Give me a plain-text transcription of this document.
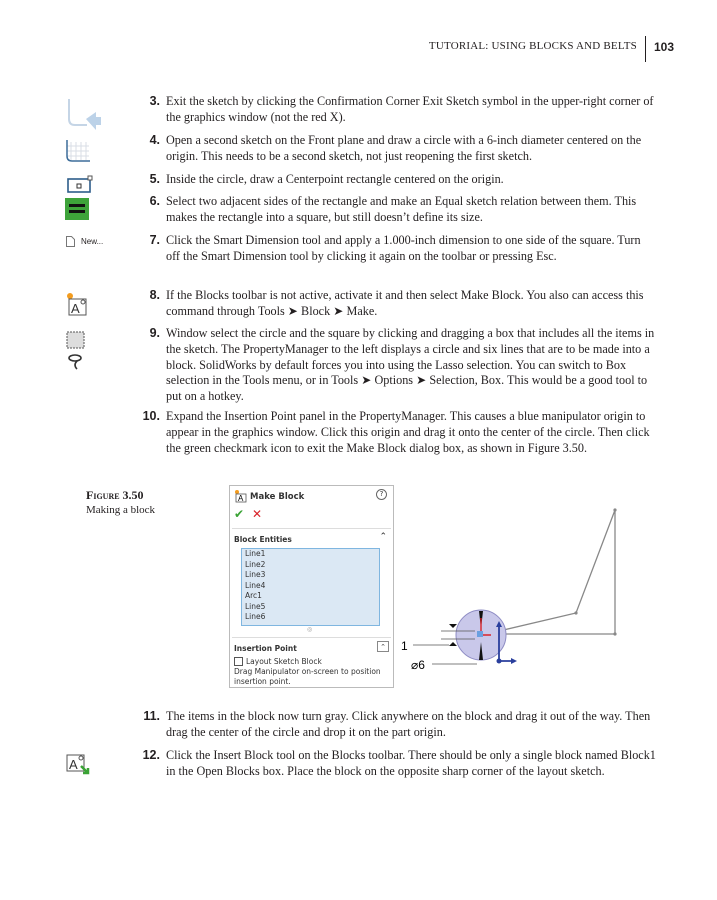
TUTORIAL: USING BLOCKS AND BELTS 103
New...
A
A
3. Exit the sketch by clicking the Confirmation Corner Exit Sketch symbol in the upper-right corner of the graphics window (not the red X).
4. Open a second sketch on the Front plane and draw a circle with a 6-inch diameter centered on the origin. This needs to be a second sketch, not just reopening the first sketch.
5. Inside the circle, draw a Centerpoint rectangle centered on the origin.
6. Select two adjacent sides of the rectangle and make an Equal sketch relation between them. This makes the rectangle into a square, but still doesn’t define its size.
7. Click the Smart Dimension tool and apply a 1.000-inch dimension to one side of the square. Turn off the Smart Dimension tool by clicking it again on the toolbar or pressing Esc.
8. If the Blocks toolbar is not active, activate it and then select Make Block. You also can access this command through Tools ➤ Block ➤ Make.
9. Window select the circle and the square by clicking and dragging a box that includes all the items in the sketch. The PropertyManager to the left displays a circle and six lines that are to be made into a block. SolidWorks by default forces you into using the Lasso selection. You can switch to Box selection in the Tools menu, or in Tools ➤ Options ➤ Selection, Box. This would be a good tool to put on a hotkey.
10. Expand the Insertion Point panel in the PropertyManager. This causes a blue manipulator origin to appear in the graphics window. Click this origin and drag it onto the center of the circle. Then click the green checkmark icon to exit the Make Block dialog box, as shown in Figure 3.50.
11. The items in the block now turn gray. Click anywhere on the block and drag it out of the way. Then drag the center of the circle and drop it on the part origin.
12. Click the Insert Block tool on the Blocks toolbar. There should be only a single block named Block1 in the Open Blocks box. Place the block on the opposite sharp corner of the layout sketch.
Figure 3.50
Making a block
A Make Block	?
✔ ✕
Block Entities	⌃
Line1
Line2
Line3
Line4
Arc1
Line5
Line6
◎
Insertion Point	⌃
Layout Sketch Block
Drag Manipulator on-screen to position insertion point.
1
⌀6
